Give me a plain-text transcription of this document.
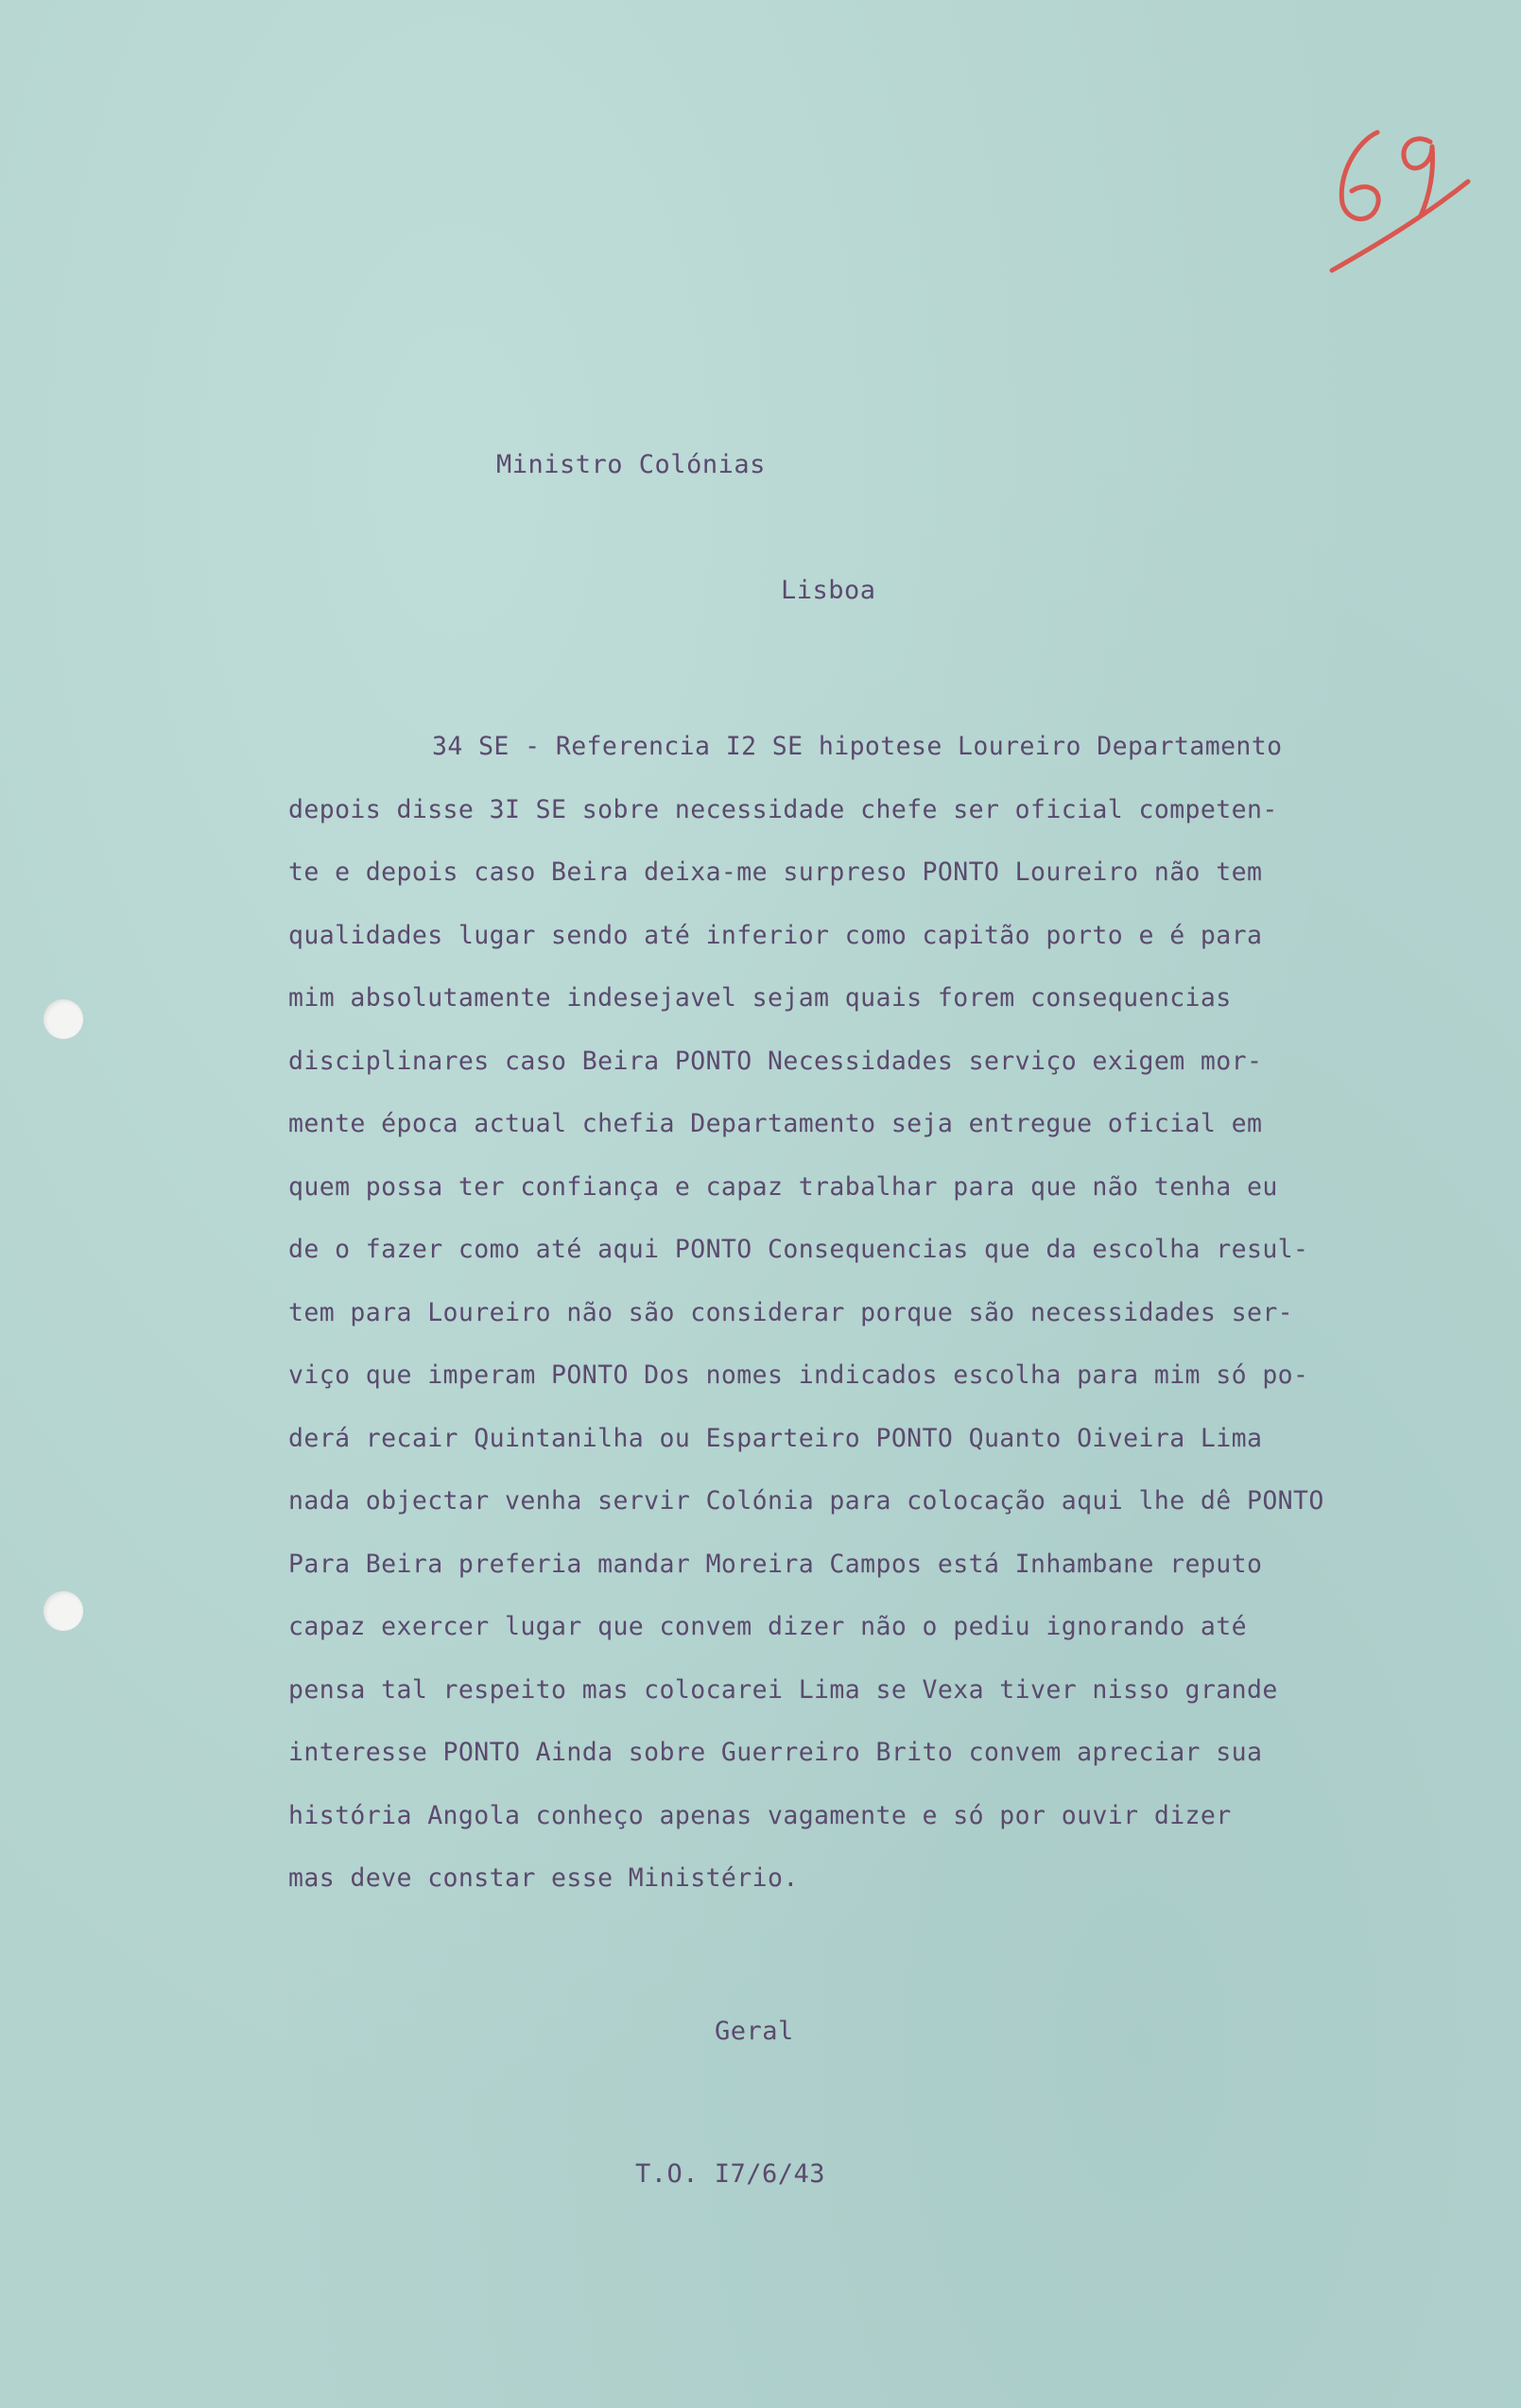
Ministro Colónias
Lisboa
34 SE - Referencia I2 SE hipotese Loureiro Departamento
depois disse 3I SE sobre necessidade chefe ser oficial competen-
te e depois caso Beira deixa-me surpreso PONTO Loureiro não tem
qualidades lugar sendo até inferior como capitão porto e é para
mim absolutamente indesejavel sejam quais forem consequencias
disciplinares caso Beira PONTO Necessidades serviço exigem mor-
mente época actual chefia Departamento seja entregue oficial em
quem possa ter confiança e capaz trabalhar para que não tenha eu
de o fazer como até aqui PONTO Consequencias que da escolha resul-
tem para Loureiro não são considerar porque são necessidades ser-
viço que imperam PONTO Dos nomes indicados escolha para mim só po-
derá recair Quintanilha ou Esparteiro PONTO Quanto Oiveira Lima
nada objectar venha servir Colónia para colocação aqui lhe dê PONTO
Para Beira preferia mandar Moreira Campos está Inhambane reputo
capaz exercer lugar que convem dizer não o pediu ignorando até
pensa tal respeito mas colocarei Lima se Vexa tiver nisso grande
interesse PONTO Ainda sobre Guerreiro Brito convem apreciar sua
história Angola conheço apenas vagamente e só por ouvir dizer
mas deve constar esse Ministério.
Geral
T.O. I7/6/43
